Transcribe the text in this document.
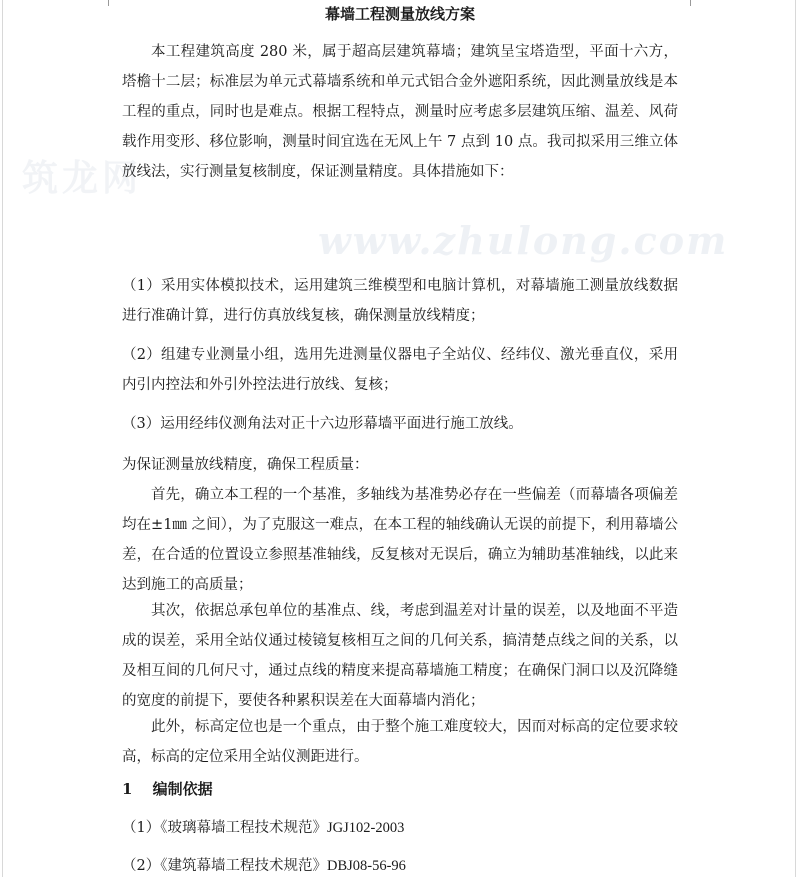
筑龙网
www.zhulong.com
幕墙工程测量放线方案
本工程建筑高度 280 米，属于超高层建筑幕墙；建筑呈宝塔造型，平面十六方，塔檐十二层；标准层为单元式幕墙系统和单元式铝合金外遮阳系统，因此测量放线是本工程的重点，同时也是难点。根据工程特点，测量时应考虑多层建筑压缩、温差、风荷载作用变形、移位影响，测量时间宜选在无风上午 7 点到 10 点。我司拟采用三维立体放线法，实行测量复核制度，保证测量精度。具体措施如下：
（1）采用实体模拟技术，运用建筑三维模型和电脑计算机，对幕墙施工测量放线数据进行准确计算，进行仿真放线复核，确保测量放线精度；
（2）组建专业测量小组，选用先进测量仪器电子全站仪、经纬仪、激光垂直仪，采用内引内控法和外引外控法进行放线、复核；
（3）运用经纬仪测角法对正十六边形幕墙平面进行施工放线。
为保证测量放线精度，确保工程质量：
首先，确立本工程的一个基准，多轴线为基准势必存在一些偏差（而幕墙各项偏差均在±1㎜ 之间），为了克服这一难点，在本工程的轴线确认无误的前提下，利用幕墙公差，在合适的位置设立参照基准轴线，反复核对无误后，确立为辅助基准轴线，以此来达到施工的高质量；
其次，依据总承包单位的基准点、线，考虑到温差对计量的误差，以及地面不平造成的误差，采用全站仪通过棱镜复核相互之间的几何关系，搞清楚点线之间的关系，以及相互间的几何尺寸，通过点线的精度来提高幕墙施工精度；在确保门洞口以及沉降缝的宽度的前提下，要使各种累积误差在大面幕墙内消化；
此外，标高定位也是一个重点，由于整个施工难度较大，因而对标高的定位要求较高，标高的定位采用全站仪测距进行。
1　 编制依据
（1）《玻璃幕墙工程技术规范》JGJ102-2003
（2）《建筑幕墙工程技术规范》DBJ08-56-96
